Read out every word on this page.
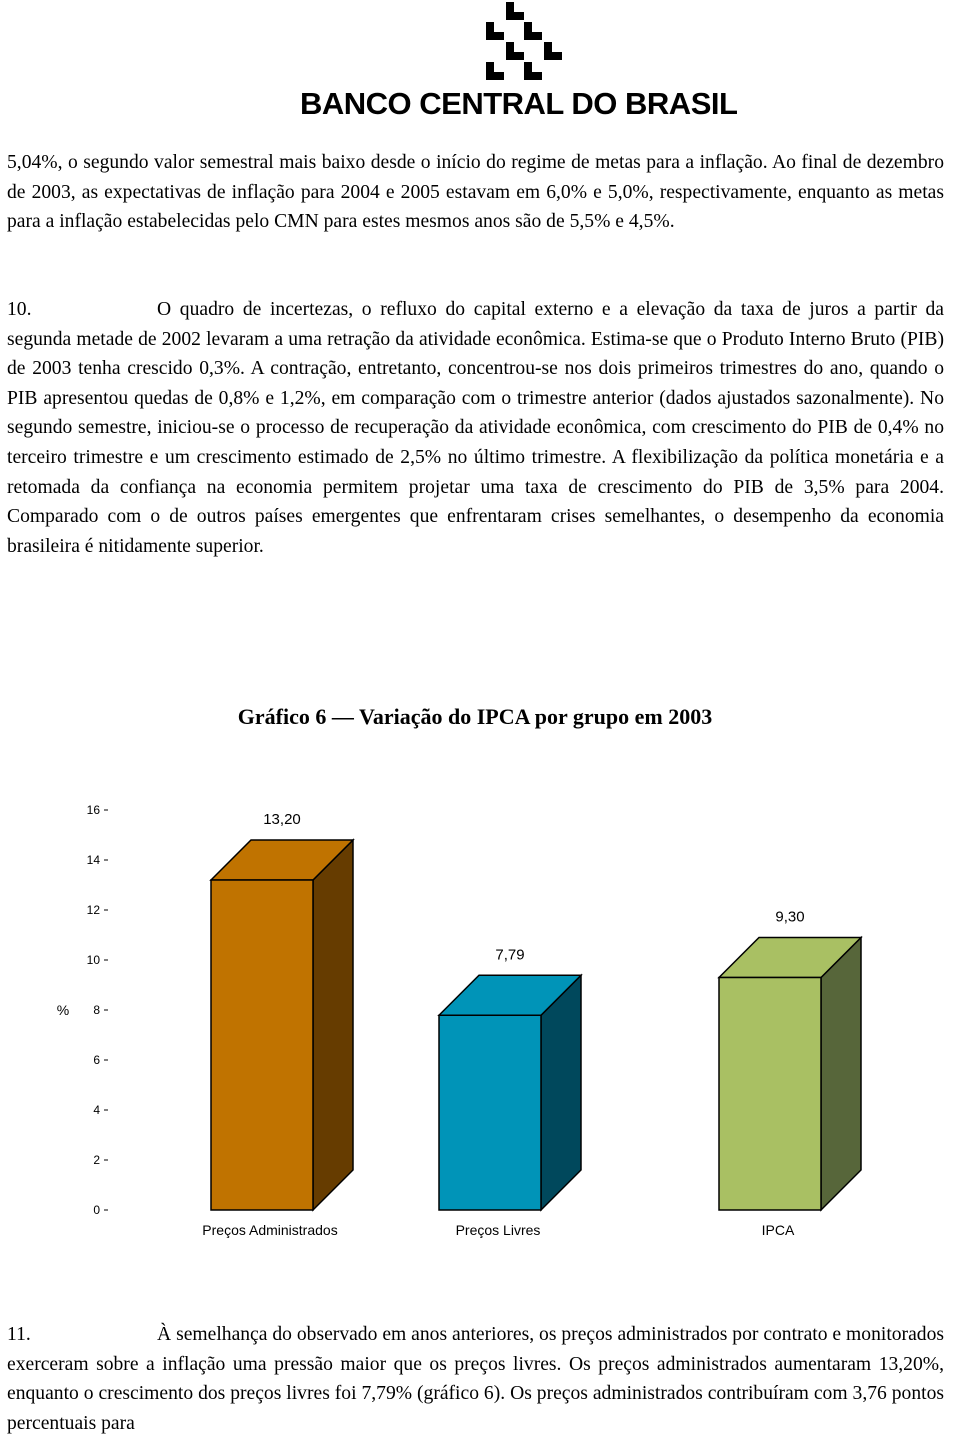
BANCO CENTRAL DO BRASIL

5,04%, o segundo valor semestral mais baixo desde o início do regime de metas para a inflação. Ao final de dezembro de 2003, as expectativas de inflação para 2004 e 2005 estavam em 6,0% e 5,0%, respectivamente, enquanto as metas para a inflação estabelecidas pelo CMN para estes mesmos anos são de 5,5% e 4,5%.

10.	O quadro de incertezas, o refluxo do capital externo e a elevação da taxa de juros a partir da segunda metade de 2002 levaram a uma retração da atividade econômica. Estima-se que o Produto Interno Bruto (PIB) de 2003 tenha crescido 0,3%. A contração, entretanto, concentrou-se nos dois primeiros trimestres do ano, quando o PIB apresentou quedas de 0,8% e 1,2%, em comparação com o trimestre anterior (dados ajustados sazonalmente). No segundo semestre, iniciou-se o processo de recuperação da atividade econômica, com crescimento do PIB de 0,4% no terceiro trimestre e um crescimento estimado de 2,5% no último trimestre. A flexibilização da política monetária e a retomada da confiança na economia permitem projetar uma taxa de crescimento do PIB de 3,5% para 2004. Comparado com o de outros países emergentes que enfrentaram crises semelhantes, o desempenho da economia brasileira é nitidamente superior.

Gráfico 6 — Variação do IPCA por grupo em 2003
0
2
4
6
8
10
12
14
16
%
13,20
Preços Administrados
7,79
Preços Livres
9,30
IPCA

11.	À semelhança do observado em anos anteriores, os preços administrados por contrato e monitorados exerceram sobre a inflação uma pressão maior que os preços livres. Os preços administrados aumentaram 13,20%, enquanto o crescimento dos preços livres foi 7,79% (gráfico 6). Os preços administrados contribuíram com 3,76 pontos percentuais para
